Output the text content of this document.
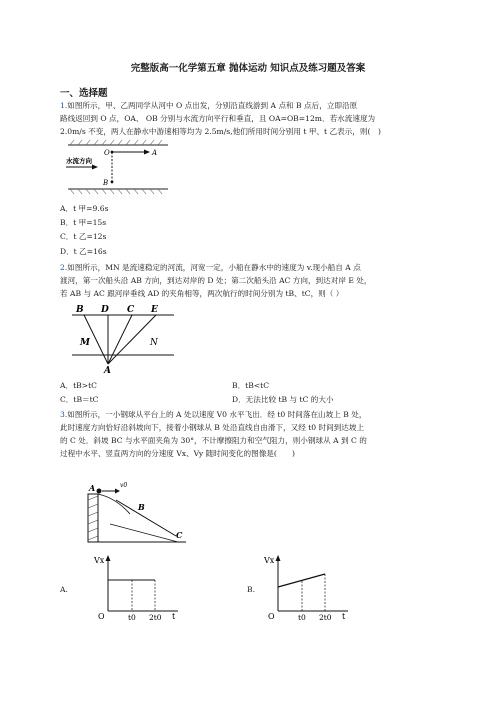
完整版高一化学第五章 抛体运动 知识点及练习题及答案
一、选择题
1.如图所示，甲、乙两同学从河中 O 点出发，分别沿直线游到 A 点和 B 点后，立即沿原
路线返回到 O 点，OA、 OB 分别与水流方向平行和垂直，且 OA=OB=12m．若水流速度为
2.0m/s 不变，两人在静水中游速相等均为 2.5m/s,他们所用时间分别用 t 甲、t 乙表示，则(　)
O	A
B
水流方向
A．t 甲=9.6s
B．t 甲=15s
C．t 乙=12s
D．t 乙=16s
2.如图所示，MN 是流速稳定的河流，河宽一定，小船在静水中的速度为 v.现小船自 A 点
渡河，第一次船头沿 AB 方向，到达对岸的 D 处；第二次船头沿 AC 方向，到达对岸 E 处，
若 AB 与 AC 跟河岸垂线 AD 的夹角相等，两次航行的时间分别为 tB、tC，则（ ）
B D C E
M	N
A
A．tB>tC	B．tB<tC
C．tB＝tC	D．无法比较 tB 与 tC 的大小
3.如图所示，一小钢球从平台上的 A 处以速度 V0 水平飞出．经 t0 时间落在山坡上 B 处，
此时速度方向恰好沿斜坡向下，接着小钢球从 B 处沿直线自由滑下，又经 t0 时间到达坡上
的 C 处．斜坡 BC 与水平面夹角为 30°，不计摩擦阻力和空气阻力，则小钢球从 A 到 C 的
过程中水平、竖直两方向的分速度 Vx、Vy 随时间变化的图像是(　　)
A	v0
B
C
A.
Vx
O	t0 2t0 t
B.
Vx
O	t0 2t0 t
